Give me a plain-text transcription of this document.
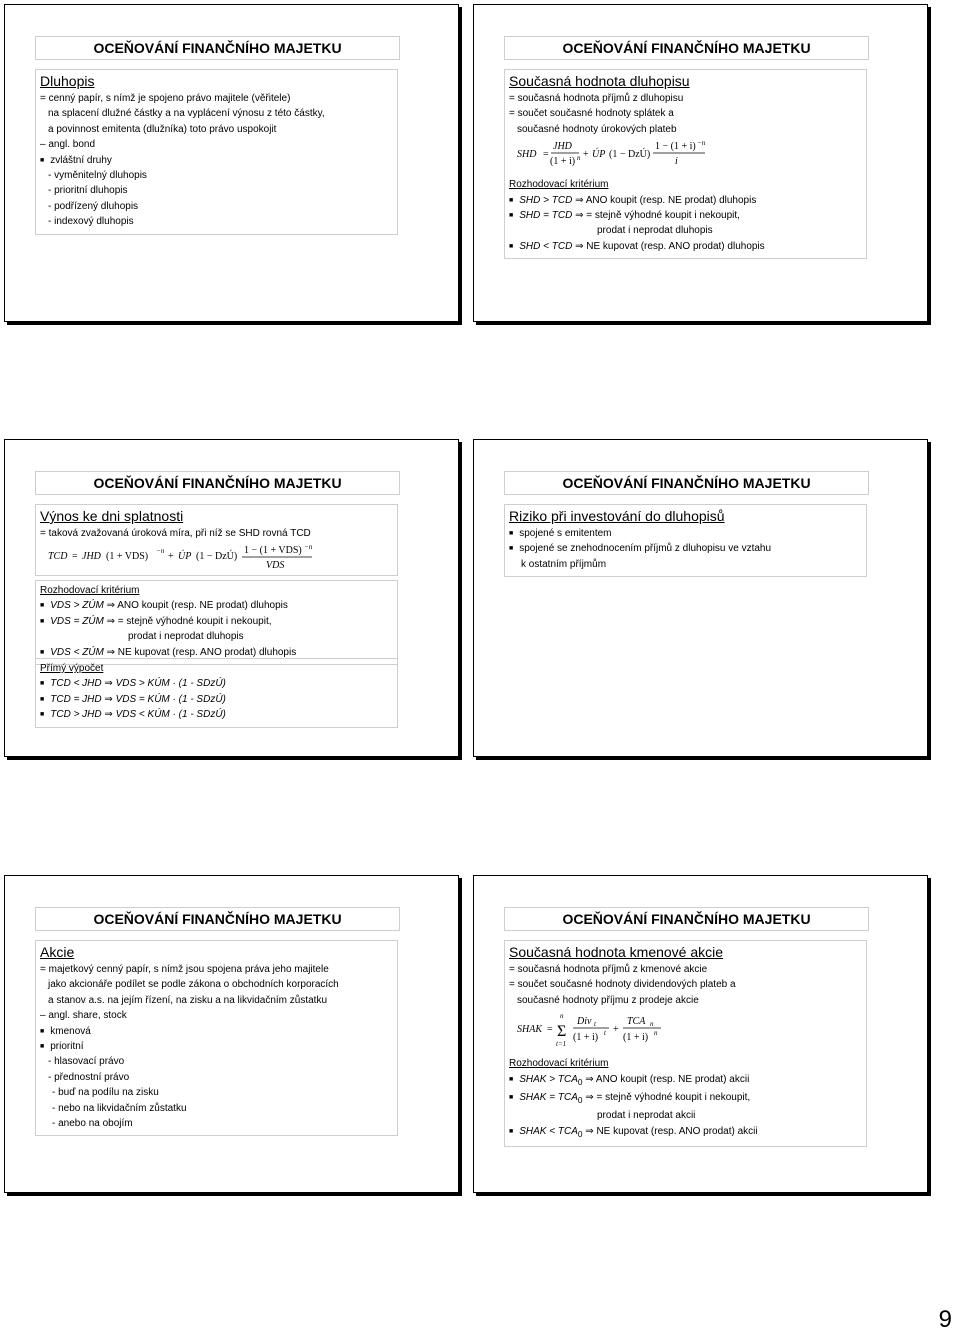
OCEŇOVÁNÍ FINANČNÍHO MAJETKU
Dluhopis
= cenný papír, s nímž je spojeno právo majitele (věřitele)
na splacení dlužné částky a na vyplácení výnosu z této částky,
a povinnost emitenta (dlužníka) toto právo uspokojit
– angl. bond
■ zvláštní druhy
- vyměnitelný dluhopis
- prioritní dluhopis
- podřízený dluhopis
- indexový dluhopis
OCEŇOVÁNÍ FINANČNÍHO MAJETKU
Současná hodnota dluhopisu
= současná hodnota příjmů z dluhopisu
= součet současné hodnoty splátek a
současné hodnoty úrokových plateb
SHD =
JHD
(1 + i) n + ÚP (1 − DzÚ)
1 − (1 + i) −n
i
Rozhodovací kritérium
■ SHD > TCD ⇒ ANO koupit (resp. NE prodat) dluhopis
■ SHD = TCD ⇒ = stejně výhodné koupit i nekoupit,
prodat i neprodat dluhopis
■ SHD < TCD ⇒ NE kupovat (resp. ANO prodat) dluhopis
OCEŇOVÁNÍ FINANČNÍHO MAJETKU
Výnos ke dni splatnosti
= taková zvažovaná úroková míra, při níž se SHD rovná TCD
TCD = JHD (1 + VDS) −n + ÚP (1 − DzÚ)
1 − (1 + VDS) −n
VDS
Rozhodovací kritérium
■ VDS > ZÚM ⇒ ANO koupit (resp. NE prodat) dluhopis
■ VDS = ZÚM ⇒ = stejně výhodné koupit i nekoupit,
prodat i neprodat dluhopis
■ VDS < ZÚM ⇒ NE kupovat (resp. ANO prodat) dluhopis
Přímý výpočet
■ TCD < JHD ⇒ VDS > KÚM · (1 - SDzÚ)
■ TCD = JHD ⇒ VDS = KÚM · (1 - SDzÚ)
■ TCD > JHD ⇒ VDS < KÚM · (1 - SDzÚ)
OCEŇOVÁNÍ FINANČNÍHO MAJETKU
Riziko při investování do dluhopisů
■ spojené s emitentem
■ spojené se znehodnocením příjmů z dluhopisu ve vztahu
k ostatním příjmům
OCEŇOVÁNÍ FINANČNÍHO MAJETKU
Akcie
= majetkový cenný papír, s nímž jsou spojena práva jeho majitele
jako akcionáře podílet se podle zákona o obchodních korporacích
a stanov a.s. na jejím řízení, na zisku a na likvidačním zůstatku
– angl. share, stock
■ kmenová
■ prioritní
- hlasovací právo
- přednostní právo
- buď na podílu na zisku
- nebo na likvidačním zůstatku
- anebo na obojím
OCEŇOVÁNÍ FINANČNÍHO MAJETKU
Současná hodnota kmenové akcie
= současná hodnota příjmů z kmenové akcie
= součet současné hodnoty dividendových plateb a
současné hodnoty příjmu z prodeje akcie
SHAK =
n
Σ
t=1
Div t
(1 + i) t +
TCA n
(1 + i) n
Rozhodovací kritérium
■ SHAK > $TCA_0$ ⇒ ANO koupit (resp. NE prodat) akcii
■ SHAK = $TCA_0$ ⇒ = stejně výhodné koupit i nekoupit,
prodat i neprodat akcii
■ SHAK < $TCA_0$ ⇒ NE kupovat (resp. ANO prodat) akcii
9
